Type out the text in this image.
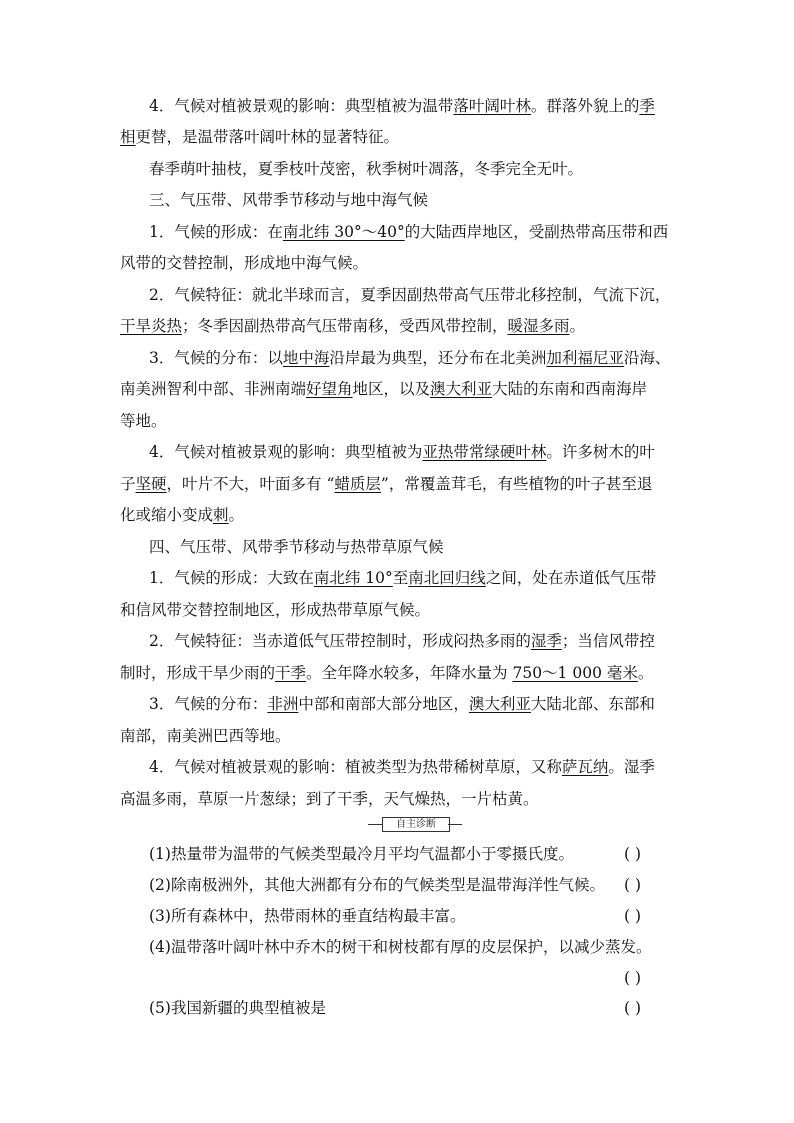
4．气候对植被景观的影响：典型植被为温带落叶阔叶林。群落外貌上的季
相更替，是温带落叶阔叶林的显著特征。
春季萌叶抽枝，夏季枝叶茂密，秋季树叶凋落，冬季完全无叶。
三、气压带、风带季节移动与地中海气候
1．气候的形成：在南北纬 30°～40°的大陆西岸地区，受副热带高压带和西
风带的交替控制，形成地中海气候。
2．气候特征：就北半球而言，夏季因副热带高气压带北移控制，气流下沉，
干旱炎热；冬季因副热带高气压带南移，受西风带控制，暖湿多雨。
3．气候的分布：以地中海沿岸最为典型，还分布在北美洲加利福尼亚沿海、
南美洲智利中部、非洲南端好望角地区，以及澳大利亚大陆的东南和西南海岸
等地。
4．气候对植被景观的影响：典型植被为亚热带常绿硬叶林。许多树木的叶
子坚硬，叶片不大，叶面多有 “蜡质层”，常覆盖茸毛，有些植物的叶子甚至退
化或缩小变成刺。
四、气压带、风带季节移动与热带草原气候
1．气候的形成：大致在南北纬 10°至南北回归线之间，处在赤道低气压带
和信风带交替控制地区，形成热带草原气候。
2．气候特征：当赤道低气压带控制时，形成闷热多雨的湿季；当信风带控
制时，形成干旱少雨的干季。全年降水较多，年降水量为 750～1 000 毫米。
3．气候的分布：非洲中部和南部大部分地区，澳大利亚大陆北部、东部和
南部，南美洲巴西等地。
4．气候对植被景观的影响：植被类型为热带稀树草原，又称萨瓦纳。湿季
高温多雨，草原一片葱绿；到了干季，天气燥热，一片枯黄。
自主诊断
(1)热量带为温带的气候类型最冷月平均气温都小于零摄氏度。	( )
(2)除南极洲外，其他大洲都有分布的气候类型是温带海洋性气候。	( )
(3)所有森林中，热带雨林的垂直结构最丰富。	( )
(4)温带落叶阔叶林中乔木的树干和树枝都有厚的皮层保护，以减少蒸发。
( )
(5)我国新疆的典型植被是	( )
